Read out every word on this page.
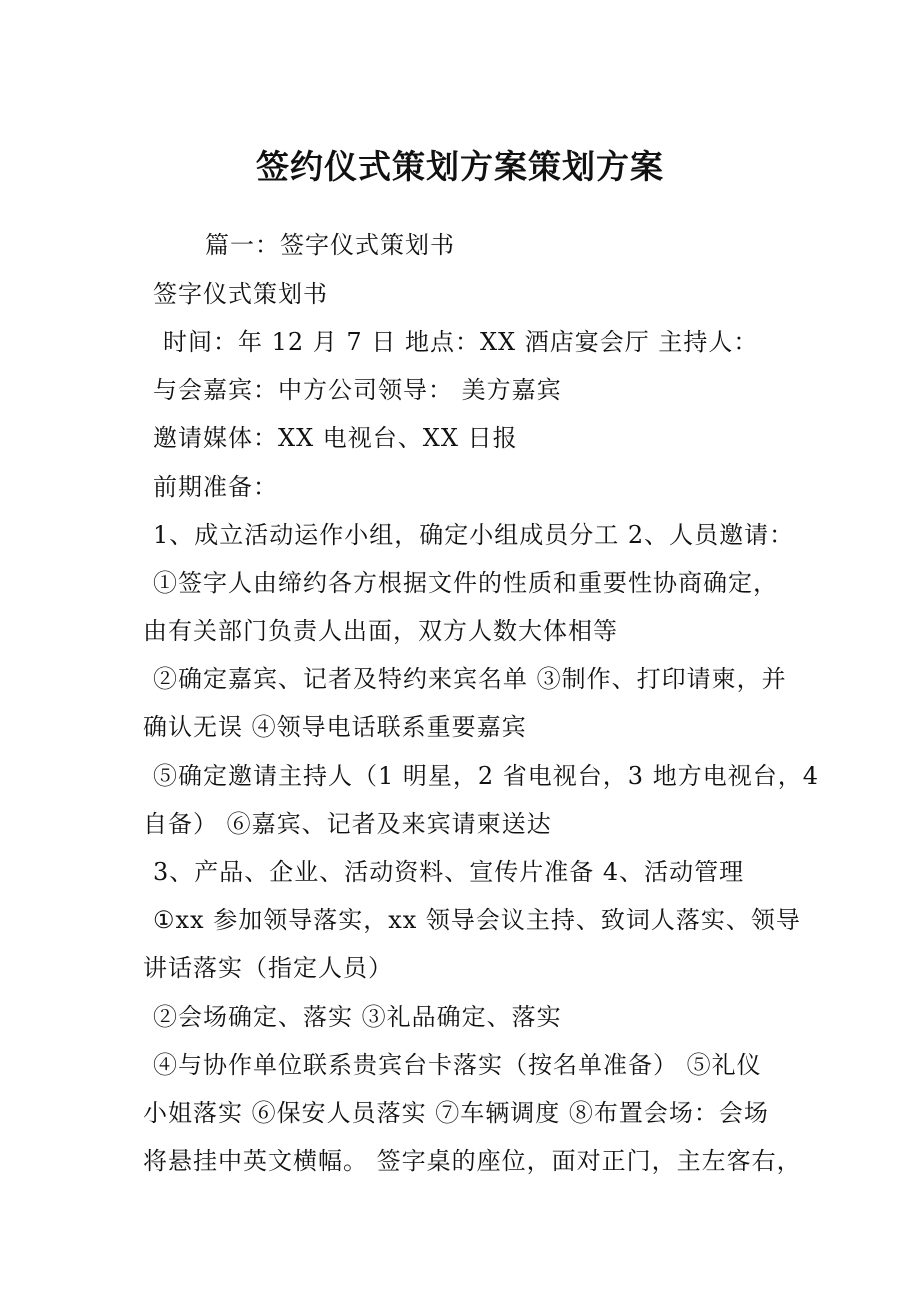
签约仪式策划方案策划方案
篇一：签字仪式策划书
签字仪式策划书
时间：年 12 月 7 日 地点：XX 酒店宴会厅 主持人：
与会嘉宾：中方公司领导： 美方嘉宾
邀请媒体：XX 电视台、XX 日报
前期准备：
1、成立活动运作小组，确定小组成员分工 2、人员邀请：
①签字人由缔约各方根据文件的性质和重要性协商确定，
由有关部门负责人出面，双方人数大体相等
②确定嘉宾、记者及特约来宾名单 ③制作、打印请柬，并
确认无误 ④领导电话联系重要嘉宾
⑤确定邀请主持人（1 明星，2 省电视台，3 地方电视台，4
自备） ⑥嘉宾、记者及来宾请柬送达
3、产品、企业、活动资料、宣传片准备 4、活动管理
①xx 参加领导落实，xx 领导会议主持、致词人落实、领导
讲话落实（指定人员）
②会场确定、落实 ③礼品确定、落实
④与协作单位联系贵宾台卡落实（按名单准备） ⑤礼仪
小姐落实 ⑥保安人员落实 ⑦车辆调度 ⑧布置会场：会场
将悬挂中英文横幅。 签字桌的座位，面对正门，主左客右，
